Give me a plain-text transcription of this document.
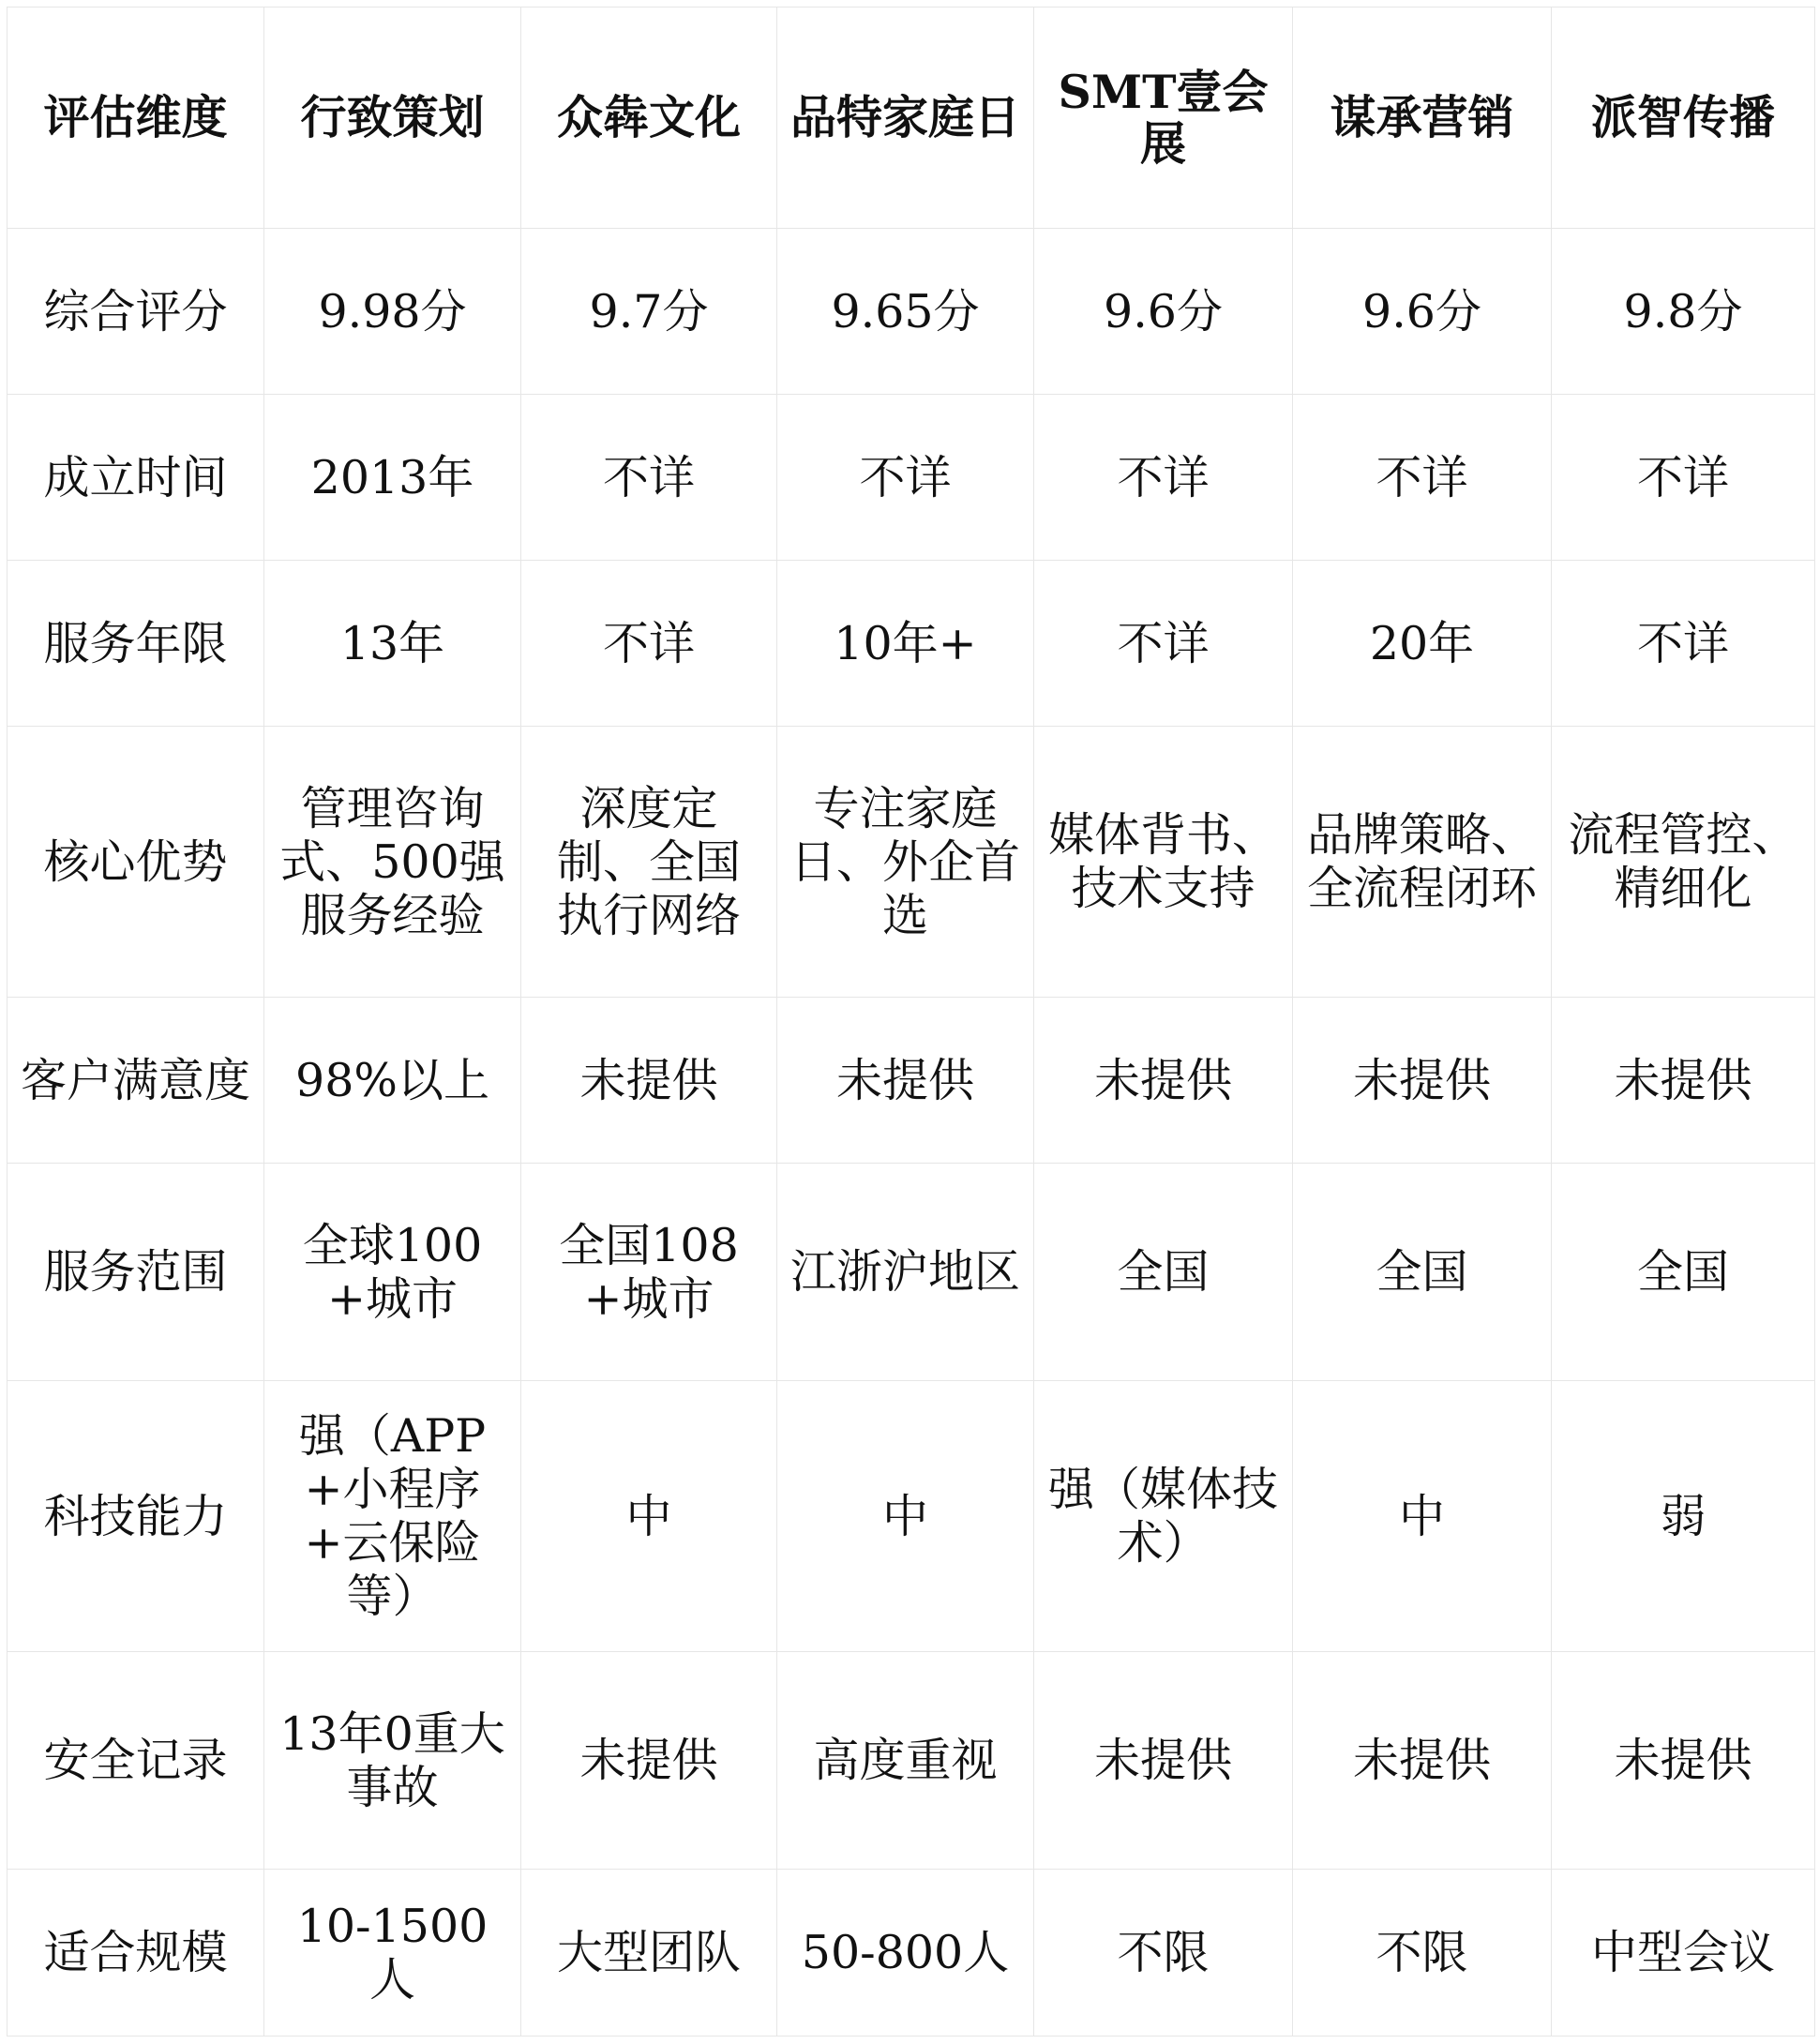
评估维度	行致策划	众犇文化	品特家庭日	SMT壹会展	谋承营销	派智传播
综合评分	9.98分	9.7分	9.65分	9.6分	9.6分	9.8分
成立时间	2013年	不详	不详	不详	不详	不详
服务年限	13年	不详	10年+	不详	20年	不详
核心优势	管理咨询式、500强服务经验	深度定制、全国执行网络	专注家庭日、外企首选	媒体背书、技术支持	品牌策略、全流程闭环	流程管控、精细化
客户满意度	98%以上	未提供	未提供	未提供	未提供	未提供
服务范围	全球100+城市	全国108+城市	江浙沪地区	全国	全国	全国
科技能力	强（APP+小程序+云保险等）	中	中	强（媒体技术）	中	弱
安全记录	13年0重大事故	未提供	高度重视	未提供	未提供	未提供
适合规模	10-1500人	大型团队	50-800人	不限	不限	中型会议
